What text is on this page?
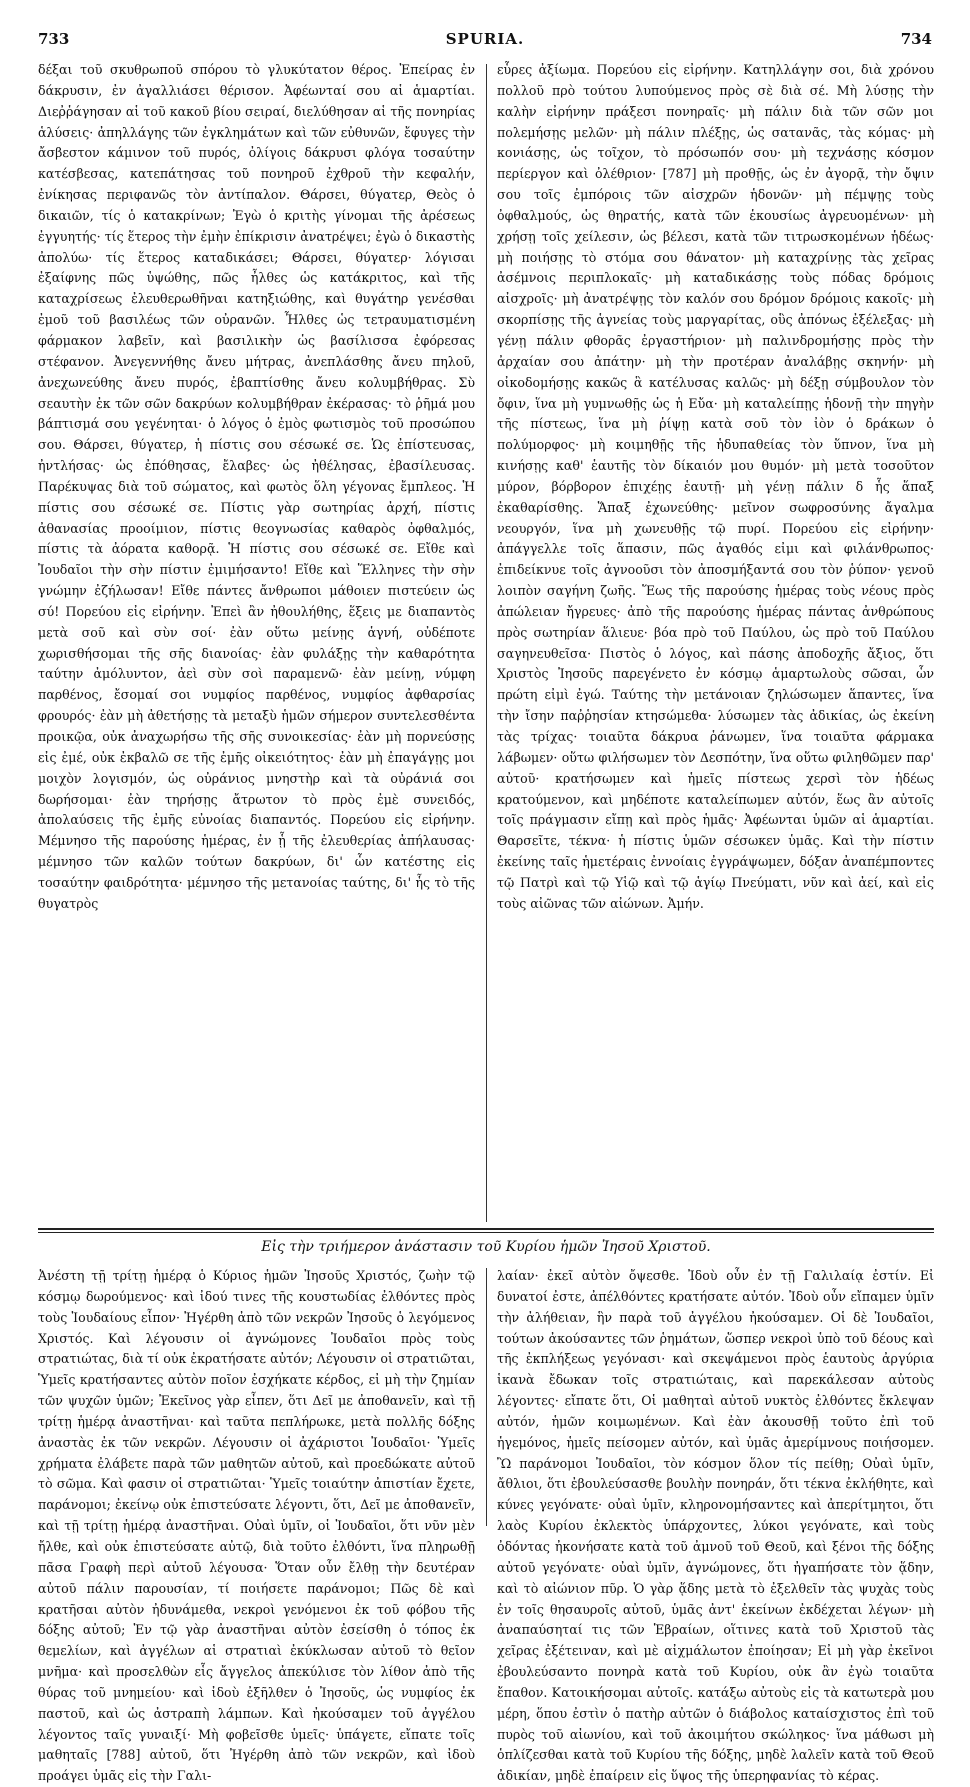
733	SPURIA.	734

δέξαι τοῦ σκυθρωποῦ σπόρου τὸ γλυκύτατον θέρος. Ἐπείρας ἐν δάκρυσιν, ἐν ἀγαλλιάσει θέρισον. Ἀφέωνταί σου αἱ ἁμαρτίαι. Διεῤῥάγησαν αἱ τοῦ κακοῦ βίου σειραί, διελύθησαν αἱ τῆς πονηρίας ἁλύσεις· ἀπηλλάγης τῶν ἐγκλημάτων καὶ τῶν εὐθυνῶν, ἔφυγες τὴν ἄσβεστον κάμινον τοῦ πυρός, ὀλίγοις δάκρυσι φλόγα τοσαύτην κατέσβεσας, κατεπάτησας τοῦ πονηροῦ ἐχθροῦ τὴν κεφαλήν, ἐνίκησας περιφανῶς τὸν ἀντίπαλον. Θάρσει, θύγατερ, Θεὸς ὁ δικαιῶν, τίς ὁ κατακρίνων; Ἐγὼ ὁ κριτὴς γίνομαι τῆς ἀρέσεως ἐγγυητής· τίς ἕτερος τὴν ἐμὴν ἐπίκρισιν ἀνατρέψει; ἐγὼ ὁ δικαστὴς ἀπολύω· τίς ἕτερος καταδικάσει; Θάρσει, θύγατερ· λόγισαι ἐξαίφνης πῶς ὑψώθης, πῶς ἦλθες ὡς κατάκριτος, καὶ τῆς καταχρίσεως ἐλευθερωθῆναι κατηξιώθης, καὶ θυγάτηρ γενέσθαι ἐμοῦ τοῦ βασιλέως τῶν οὐρανῶν. Ἦλθες ὡς τετραυματισμένη φάρμακον λαβεῖν, καὶ βασιλικὴν ὡς βασίλισσα ἐφόρεσας στέφανον. Ἀνεγεννήθης ἄνευ μήτρας, ἀνεπλάσθης ἄνευ πηλοῦ, ἀνεχωνεύθης ἄνευ πυρός, ἐβαπτίσθης ἄνευ κολυμβήθρας. Σὺ σεαυτὴν ἐκ τῶν σῶν δακρύων κολυμβήθραν ἐκέρασας· τὸ ῥῆμά μου βάπτισμά σου γεγένηται· ὁ λόγος ὁ ἐμὸς φωτισμὸς τοῦ προσώπου σου. Θάρσει, θύγατερ, ἡ πίστις σου σέσωκέ σε. Ὡς ἐπίστευσας, ἠντλήσας· ὡς ἐπόθησας, ἔλαβες· ὡς ἠθέλησας, ἐβασίλευσας. Παρέκυψας διὰ τοῦ σώματος, καὶ φωτὸς ὅλη γέγονας ἔμπλεος. Ἡ πίστις σου σέσωκέ σε. Πίστις γὰρ σωτηρίας ἀρχή, πίστις ἀθανασίας προοίμιον, πίστις θεογνωσίας καθαρὸς ὀφθαλμός, πίστις τὰ ἀόρατα καθορᾷ. Ἡ πίστις σου σέσωκέ σε. Εἴθε καὶ Ἰουδαῖοι τὴν σὴν πίστιν ἐμιμήσαντο! Εἴθε καὶ Ἕλληνες τὴν σὴν γνώμην ἐζήλωσαν! Εἴθε πάντες ἄνθρωποι μάθοιεν πιστεύειν ὡς σύ! Πορεύου εἰς εἰρήνην. Ἐπεὶ ἂν ἠθουλήθης, ἕξεις με διαπαντὸς μετὰ σοῦ καὶ σὺν σοί· ἐὰν οὕτω μείνῃς ἁγνή, οὐδέποτε χωρισθήσομαι τῆς σῆς διανοίας· ἐὰν φυλάξῃς τὴν καθαρότητα ταύτην ἀμόλυντον, ἀεὶ σὺν σοὶ παραμενῶ· ἐὰν μείνῃ, νύμφη παρθένος, ἔσομαί σοι νυμφίος παρθένος, νυμφίος ἀφθαρσίας φρουρός· ἐὰν μὴ ἀθετήσῃς τὰ μεταξὺ ἡμῶν σήμερον συντελεσθέντα προικῷα, οὐκ ἀναχωρήσω τῆς σῆς συνοικεσίας· ἐὰν μὴ πορνεύσῃς εἰς ἐμέ, οὐκ ἐκβαλῶ σε τῆς ἐμῆς οἰκειότητος· ἐὰν μὴ ἐπαγάγῃς μοι μοιχὸν λογισμόν, ὡς οὐράνιος μνηστὴρ καὶ τὰ οὐράνιά σοι δωρήσομαι· ἐὰν τηρήσῃς ἄτρωτον τὸ πρὸς ἐμὲ συνειδός, ἀπολαύσεις τῆς ἐμῆς εὐνοίας διαπαντός. Πορεύου εἰς εἰρήνην. Μέμνησο τῆς παρούσης ἡμέρας, ἐν ᾗ τῆς ἐλευθερίας ἀπήλαυσας· μέμνησο τῶν καλῶν τούτων δακρύων, δι' ὧν κατέστης εἰς τοσαύτην φαιδρότητα· μέμνησο τῆς μετανοίας ταύτης, δι' ἧς τὸ τῆς θυγατρὸς

εὗρες ἀξίωμα. Πορεύου εἰς εἰρήνην. Κατηλλάγην σοι, διὰ χρόνου πολλοῦ πρὸ τούτου λυπούμενος πρὸς σὲ διὰ σέ. Μὴ λύσῃς τὴν καλὴν εἰρήνην πράξεσι πονηραῖς· μὴ πάλιν διὰ τῶν σῶν μοι πολεμήσῃς μελῶν· μὴ πάλιν πλέξῃς, ὡς σατανᾶς, τὰς κόμας· μὴ κονιάσῃς, ὡς τοῖχον, τὸ πρόσωπόν σου· μὴ τεχνάσῃς κόσμον περίεργον καὶ ὀλέθριον· [787] μὴ προθῇς, ὡς ἐν ἀγορᾷ, τὴν ὄψιν σου τοῖς ἐμπόροις τῶν αἰσχρῶν ἡδονῶν· μὴ πέμψῃς τοὺς ὀφθαλμούς, ὡς θηρατής, κατὰ τῶν ἑκουσίως ἀγρευομένων· μὴ χρήσῃ τοῖς χείλεσιν, ὡς βέλεσι, κατὰ τῶν τιτρωσκομένων ἡδέως· μὴ ποιήσῃς τὸ στόμα σου θάνατον· μὴ καταχρίνῃς τὰς χεῖρας ἀσέμνοις περιπλοκαῖς· μὴ καταδικάσῃς τοὺς πόδας δρόμοις αἰσχροῖς· μὴ ἀνατρέψῃς τὸν καλόν σου δρόμον δρόμοις κακοῖς· μὴ σκορπίσῃς τῆς ἁγνείας τοὺς μαργαρίτας, οὓς ἀπόνως ἐξέλεξας· μὴ γένῃ πάλιν φθορᾶς ἐργαστήριον· μὴ παλινδρομήσῃς πρὸς τὴν ἀρχαίαν σου ἀπάτην· μὴ τὴν προτέραν ἀναλάβῃς σκηνήν· μὴ οἰκοδομήσῃς κακῶς ἃ κατέλυσας καλῶς· μὴ δέξῃ σύμβουλον τὸν ὄφιν, ἵνα μὴ γυμνωθῇς ὡς ἡ Εὔα· μὴ καταλείπῃς ἡδονῇ τὴν πηγὴν τῆς πίστεως, ἵνα μὴ ῥίψῃ κατὰ σοῦ τὸν ἰὸν ὁ δράκων ὁ πολύμορφος· μὴ κοιμηθῇς τῆς ἡδυπαθείας τὸν ὕπνον, ἵνα μὴ κινήσῃς καθ' ἑαυτῆς τὸν δίκαιόν μου θυμόν· μὴ μετὰ τοσοῦτον μύρον, βόρβορον ἐπιχέῃς ἑαυτῇ· μὴ γένῃ πάλιν δ ἧς ἅπαξ ἐκαθαρίσθης. Ἅπαξ ἐχωνεύθης· μεῖνον σωφροσύνης ἄγαλμα νεουργόν, ἵνα μὴ χωνευθῇς τῷ πυρί. Πορεύου εἰς εἰρήνην· ἀπάγγελλε τοῖς ἅπασιν, πῶς ἀγαθός εἰμι καὶ φιλάνθρωπος· ἐπιδείκνυε τοῖς ἀγνοοῦσι τὸν ἀποσμήξαντά σου τὸν ῥύπον· γενοῦ λοιπὸν σαγήνη ζωῆς. Ἕως τῆς παρούσης ἡμέρας τοὺς νέους πρὸς ἀπώλειαν ἤγρευες· ἀπὸ τῆς παρούσης ἡμέρας πάντας ἀνθρώπους πρὸς σωτηρίαν ἅλιευε· βόα πρὸ τοῦ Παύλου, ὡς πρὸ τοῦ Παύλου σαγηνευθεῖσα· Πιστὸς ὁ λόγος, καὶ πάσης ἀποδοχῆς ἄξιος, ὅτι Χριστὸς Ἰησοῦς παρεγένετο ἐν κόσμῳ ἁμαρτωλοὺς σῶσαι, ὧν πρώτη εἰμὶ ἐγώ. Ταύτης τὴν μετάνοιαν ζηλώσωμεν ἅπαντες, ἵνα τὴν ἴσην παῤῥησίαν κτησώμεθα· λύσωμεν τὰς ἀδικίας, ὡς ἐκείνη τὰς τρίχας· τοιαῦτα δάκρυα ῥάνωμεν, ἵνα τοιαῦτα φάρμακα λάβωμεν· οὕτω φιλήσωμεν τὸν Δεσπότην, ἵνα οὕτω φιληθῶμεν παρ' αὐτοῦ· κρατήσωμεν καὶ ἡμεῖς πίστεως χερσὶ τὸν ἡδέως κρατούμενον, καὶ μηδέποτε καταλείπωμεν αὐτόν, ἕως ἂν αὐτοῖς τοῖς πράγμασιν εἴπῃ καὶ πρὸς ἡμᾶς· Ἀφέωνται ὑμῶν αἱ ἁμαρτίαι. Θαρσεῖτε, τέκνα· ἡ πίστις ὑμῶν σέσωκεν ὑμᾶς. Καὶ τὴν πίστιν ἐκείνης ταῖς ἡμετέραις ἐννοίαις ἐγγράψωμεν, δόξαν ἀναπέμποντες τῷ Πατρὶ καὶ τῷ Υἱῷ καὶ τῷ ἁγίῳ Πνεύματι, νῦν καὶ ἀεί, καὶ εἰς τοὺς αἰῶνας τῶν αἰώνων. Ἀμήν.

Εἰς τὴν τριήμερον ἀνάστασιν τοῦ Κυρίου ἡμῶν Ἰησοῦ Χριστοῦ.

Ἀνέστη τῇ τρίτῃ ἡμέρᾳ ὁ Κύριος ἡμῶν Ἰησοῦς Χριστός, ζωὴν τῷ κόσμῳ δωρούμενος· καὶ ἰδού τινες τῆς κουστωδίας ἐλθόντες πρὸς τοὺς Ἰουδαίους εἶπον· Ἠγέρθη ἀπὸ τῶν νεκρῶν Ἰησοῦς ὁ λεγόμενος Χριστός. Καὶ λέγουσιν οἱ ἀγνώμονες Ἰουδαῖοι πρὸς τοὺς στρατιώτας, διὰ τί οὐκ ἐκρατήσατε αὐτόν; Λέγουσιν οἱ στρατιῶται, Ὑμεῖς κρατήσαντες αὐτὸν ποῖον ἐσχήκατε κέρδος, εἰ μὴ τὴν ζημίαν τῶν ψυχῶν ὑμῶν; Ἐκεῖνος γὰρ εἶπεν, ὅτι Δεῖ με ἀποθανεῖν, καὶ τῇ τρίτῃ ἡμέρᾳ ἀναστῆναι· καὶ ταῦτα πεπλήρωκε, μετὰ πολλῆς δόξης ἀναστὰς ἐκ τῶν νεκρῶν. Λέγουσιν οἱ ἀχάριστοι Ἰουδαῖοι· Ὑμεῖς χρήματα ἐλάβετε παρὰ τῶν μαθητῶν αὐτοῦ, καὶ προεδώκατε αὐτοῦ τὸ σῶμα. Καὶ φασιν οἱ στρατιῶται· Ὑμεῖς τοιαύτην ἀπιστίαν ἔχετε, παράνομοι; ἐκείνῳ οὐκ ἐπιστεύσατε λέγοντι, ὅτι, Δεῖ με ἀποθανεῖν, καὶ τῇ τρίτῃ ἡμέρᾳ ἀναστῆναι. Οὐαὶ ὑμῖν, οἱ Ἰουδαῖοι, ὅτι νῦν μὲν ἤλθε, καὶ οὐκ ἐπιστεύσατε αὐτῷ, διὰ τοῦτο ἐλθόντι, ἵνα πληρωθῇ πᾶσα Γραφὴ περὶ αὐτοῦ λέγουσα· Ὅταν οὖν ἔλθῃ τὴν δευτέραν αὐτοῦ πάλιν παρουσίαν, τί ποιήσετε παράνομοι; Πῶς δὲ καὶ κρατῆσαι αὐτὸν ἠδυνάμεθα, νεκροὶ γενόμενοι ἐκ τοῦ φόβου τῆς δόξης αὐτοῦ; Ἐν τῷ γὰρ ἀναστῆναι αὐτὸν ἐσείσθη ὁ τόπος ἐκ θεμελίων, καὶ ἀγγέλων αἱ στρατιαὶ ἐκύκλωσαν αὐτοῦ τὸ θεῖον μνῆμα· καὶ προσελθὼν εἷς ἄγγελος ἀπεκύλισε τὸν λίθον ἀπὸ τῆς θύρας τοῦ μνημείου· καὶ ἰδοὺ ἐξῆλθεν ὁ Ἰησοῦς, ὡς νυμφίος ἐκ παστοῦ, καὶ ὡς ἀστραπὴ λάμπων. Καὶ ἠκούσαμεν τοῦ ἀγγέλου λέγοντος ταῖς γυναιξί· Μὴ φοβεῖσθε ὑμεῖς· ὑπάγετε, εἴπατε τοῖς μαθηταῖς [788] αὐτοῦ, ὅτι Ἠγέρθη ἀπὸ τῶν νεκρῶν, καὶ ἰδοὺ προάγει ὑμᾶς εἰς τὴν Γαλι-

λαίαν· ἐκεῖ αὐτὸν ὄψεσθε. Ἰδοὺ οὖν ἐν τῇ Γαλιλαίᾳ ἐστίν. Εἰ δυνατοί ἐστε, ἀπέλθόντες κρατήσατε αὐτόν. Ἰδοὺ οὖν εἴπαμεν ὑμῖν τὴν ἀλήθειαν, ἣν παρὰ τοῦ ἀγγέλου ἠκούσαμεν. Οἱ δὲ Ἰουδαῖοι, τούτων ἀκούσαντες τῶν ῥημάτων, ὥσπερ νεκροὶ ὑπὸ τοῦ δέους καὶ τῆς ἐκπλήξεως γεγόνασι· καὶ σκεψάμενοι πρὸς ἑαυτοὺς ἀργύρια ἱκανὰ ἔδωκαν τοῖς στρατιώταις, καὶ παρεκάλεσαν αὐτοὺς λέγοντες· εἴπατε ὅτι, Οἱ μαθηταὶ αὐτοῦ νυκτὸς ἐλθόντες ἔκλεψαν αὐτόν, ἡμῶν κοιμωμένων. Καὶ ἐὰν ἀκουσθῇ τοῦτο ἐπὶ τοῦ ἡγεμόνος, ἡμεῖς πείσομεν αὐτόν, καὶ ὑμᾶς ἀμερίμνους ποιήσομεν. Ὢ παράνομοι Ἰουδαῖοι, τὸν κόσμον ὅλον τίς πείθῃ; Οὐαὶ ὑμῖν, ἄθλιοι, ὅτι ἐβουλεύσασθε βουλὴν πονηράν, ὅτι τέκνα ἐκλήθητε, καὶ κύνες γεγόνατε· οὐαὶ ὑμῖν, κληρονομήσαντες καὶ ἀπερίτμητοι, ὅτι λαὸς Κυρίου ἐκλεκτὸς ὑπάρχοντες, λύκοι γεγόνατε, καὶ τοὺς ὀδόντας ἠκονήσατε κατὰ τοῦ ἀμνοῦ τοῦ Θεοῦ, καὶ ξένοι τῆς δόξης αὐτοῦ γεγόνατε· οὐαὶ ὑμῖν, ἀγνώμονες, ὅτι ἠγαπήσατε τὸν ᾅδην, καὶ τὸ αἰώνιον πῦρ. Ὁ γὰρ ᾅδης μετὰ τὸ ἐξελθεῖν τὰς ψυχὰς τοὺς ἐν τοῖς θησαυροῖς αὐτοῦ, ὑμᾶς ἀντ' ἐκείνων ἐκδέχεται λέγων· μὴ ἀναπαύσηταί τις τῶν Ἑβραίων, οἵτινες κατὰ τοῦ Χριστοῦ τὰς χεῖρας ἐξέτειναν, καὶ μὲ αἰχμάλωτον ἐποίησαν; Εἰ μὴ γὰρ ἐκεῖνοι ἐβουλεύσαντο πονηρὰ κατὰ τοῦ Κυρίου, οὐκ ἂν ἐγὼ τοιαῦτα ἔπαθον. Κατοικήσομαι αὐτοῖς. κατάξω αὐτοὺς εἰς τὰ κατωτερὰ μου μέρη, ὅπου ἐστὶν ὁ πατὴρ αὐτῶν ὁ διάβολος καταίσχιστος ἐπὶ τοῦ πυρὸς τοῦ αἰωνίου, καὶ τοῦ ἀκοιμήτου σκώληκος· ἵνα μάθωσι μὴ ὁπλίζεσθαι κατὰ τοῦ Κυρίου τῆς δόξης, μηδὲ λαλεῖν κατὰ τοῦ Θεοῦ ἀδικίαν, μηδὲ ἐπαίρειν εἰς ὕψος τῆς ὑπερηφανίας τὸ κέρας.
